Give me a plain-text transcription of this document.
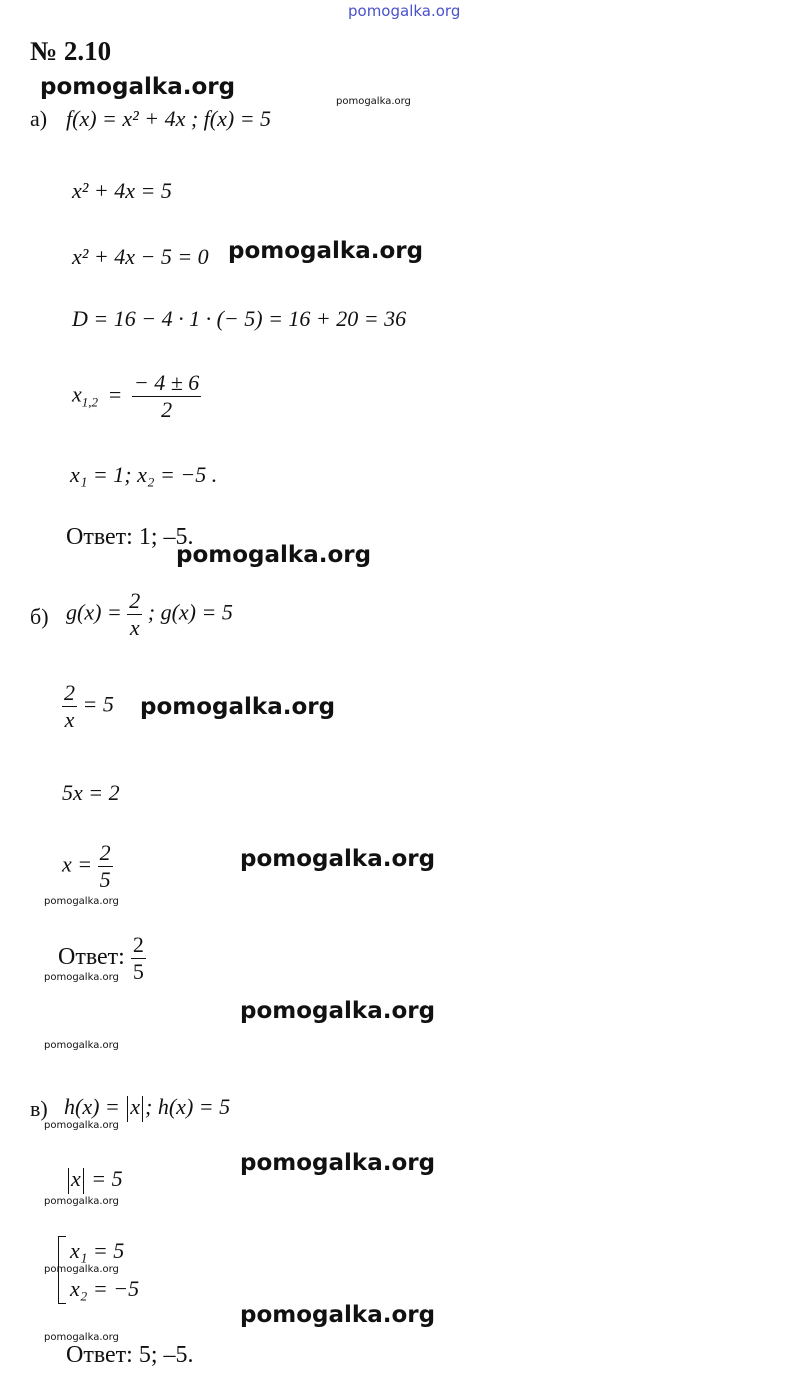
pomogalka.org
pomogalka.org
pomogalka.org
pomogalka.org
pomogalka.org
pomogalka.org
pomogalka.org
pomogalka.org
pomogalka.org
pomogalka.org
pomogalka.org
pomogalka.org
pomogalka.org
pomogalka.org
pomogalka.org
pomogalka.org
pomogalka.org
№ 2.10
а) f(x) = x² + 4x ; f(x) = 5
x² + 4x = 5
x² + 4x − 5 = 0
D = 16 − 4 · 1 · (− 5) = 16 + 20 = 36
$x_{1,2} = \frac{- 4 \pm 6}{2}$
x₁ = 1; x₂ = −5 .
Ответ: 1; –5.
б) $g(x) = \frac{2}{x}$ ; g(x) = 5
$\frac{2}{x} = 5$
5x = 2
$x = \frac{2}{5}$
Ответ: $\frac{2}{5}$
в) h(x) = x ; h(x) = 5
x = 5
x₁ = 5
x₂ = −5
Ответ: 5; –5.
